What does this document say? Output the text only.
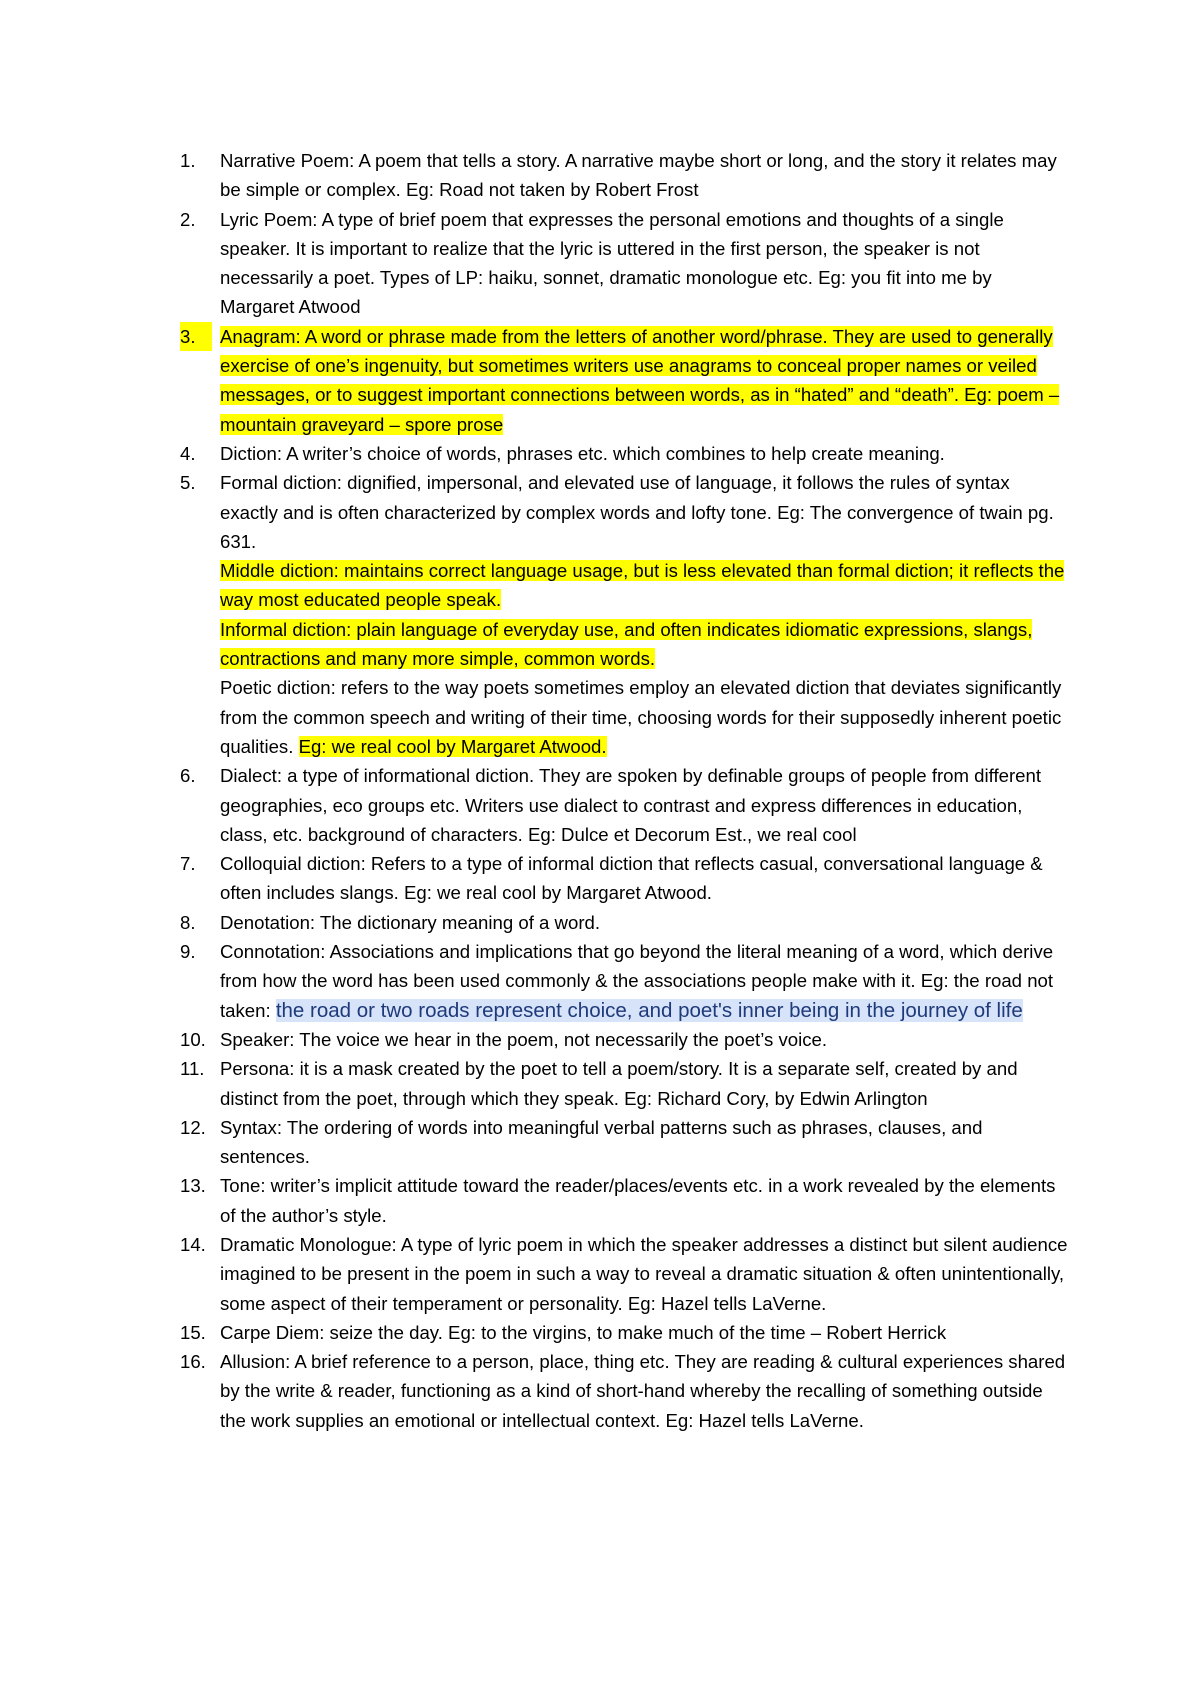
1.	Narrative Poem: A poem that tells a story. A narrative maybe short or long, and the story it relates may be simple or complex. Eg: Road not taken by Robert Frost
2.	Lyric Poem: A type of brief poem that expresses the personal emotions and thoughts of a single speaker. It is important to realize that the lyric is uttered in the first person, the speaker is not necessarily a poet. Types of LP: haiku, sonnet, dramatic monologue etc. Eg: you fit into me by Margaret Atwood
3.	Anagram: A word or phrase made from the letters of another word/phrase. They are used to generally exercise of one’s ingenuity, but sometimes writers use anagrams to conceal proper names or veiled messages, or to suggest important connections between words, as in “hated” and “death”. Eg: poem – mountain graveyard – spore prose
4.	Diction: A writer’s choice of words, phrases etc. which combines to help create meaning.
5.	Formal diction: dignified, impersonal, and elevated use of language, it follows the rules of syntax exactly and is often characterized by complex words and lofty tone. Eg: The convergence of twain pg. 631.
Middle diction: maintains correct language usage, but is less elevated than formal diction; it reflects the way most educated people speak.
Informal diction: plain language of everyday use, and often indicates idiomatic expressions, slangs, contractions and many more simple, common words.
Poetic diction: refers to the way poets sometimes employ an elevated diction that deviates significantly from the common speech and writing of their time, choosing words for their supposedly inherent poetic qualities. Eg: we real cool by Margaret Atwood.
6.	Dialect: a type of informational diction. They are spoken by definable groups of people from different geographies, eco groups etc. Writers use dialect to contrast and express differences in education, class, etc. background of characters. Eg: Dulce et Decorum Est., we real cool
7.	Colloquial diction: Refers to a type of informal diction that reflects casual, conversational language & often includes slangs. Eg: we real cool by Margaret Atwood.
8.	Denotation: The dictionary meaning of a word.
9.	Connotation: Associations and implications that go beyond the literal meaning of a word, which derive from how the word has been used commonly & the associations people make with it. Eg: the road not taken: the road or two roads represent choice, and poet's inner being in the journey of life
10. Speaker: The voice we hear in the poem, not necessarily the poet’s voice.
11. Persona: it is a mask created by the poet to tell a poem/story. It is a separate self, created by and distinct from the poet, through which they speak. Eg: Richard Cory, by Edwin Arlington
12. Syntax: The ordering of words into meaningful verbal patterns such as phrases, clauses, and sentences.
13. Tone: writer’s implicit attitude toward the reader/places/events etc. in a work revealed by the elements of the author’s style.
14. Dramatic Monologue: A type of lyric poem in which the speaker addresses a distinct but silent audience imagined to be present in the poem in such a way to reveal a dramatic situation & often unintentionally, some aspect of their temperament or personality. Eg: Hazel tells LaVerne.
15. Carpe Diem: seize the day. Eg: to the virgins, to make much of the time – Robert Herrick
16. Allusion: A brief reference to a person, place, thing etc. They are reading & cultural experiences shared by the write & reader, functioning as a kind of short-hand whereby the recalling of something outside the work supplies an emotional or intellectual context. Eg: Hazel tells LaVerne.
